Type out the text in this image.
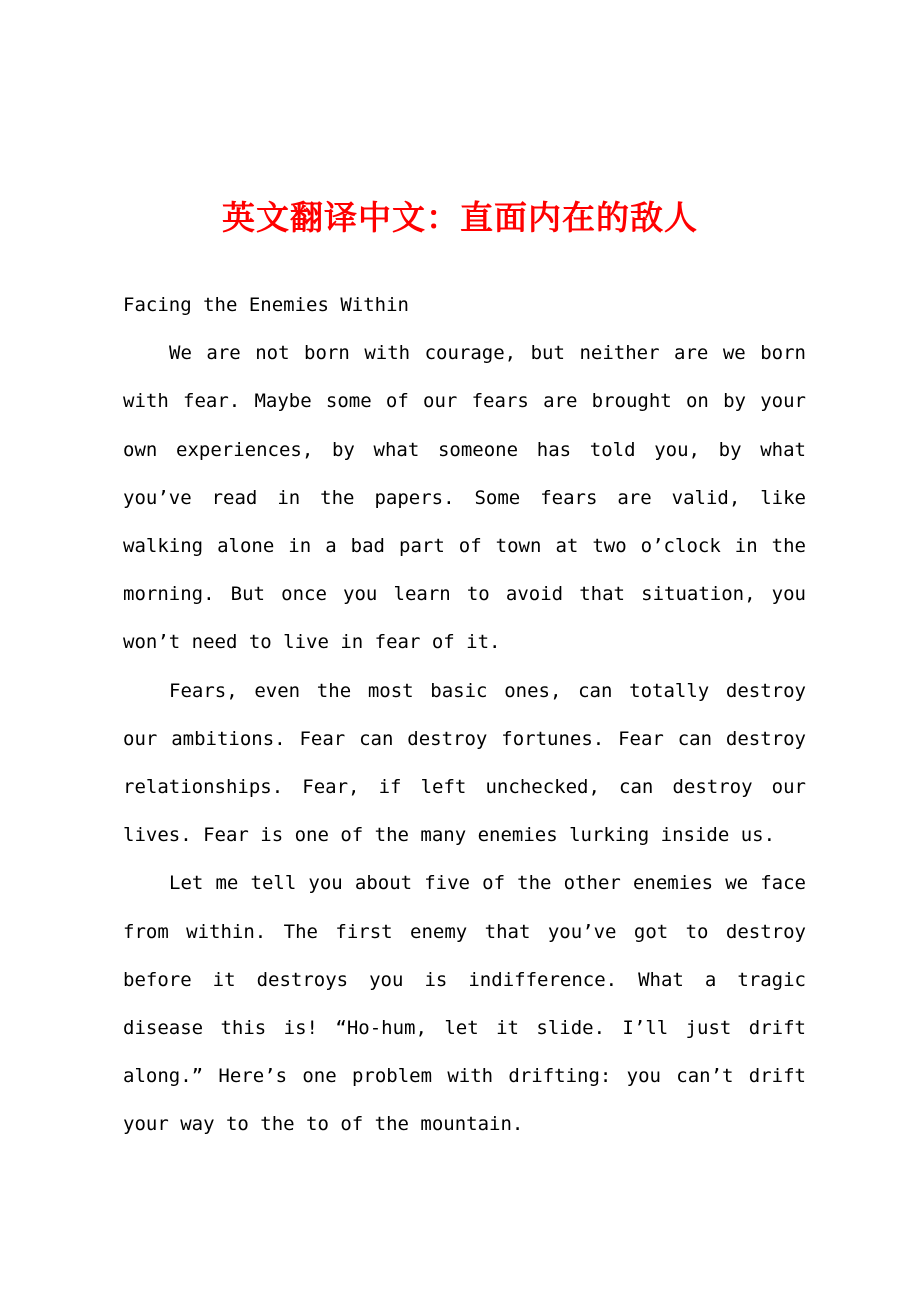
英文翻译中文：直面内在的敌人

Facing the Enemies Within

We are not born with courage, but neither are we born with fear. Maybe some of our fears are brought on by your own experiences, by what someone has told you, by what you’ve read in the papers. Some fears are valid, like walking alone in a bad part of town at two o’clock in the morning. But once you learn to avoid that situation, you won’t need to live in fear of it.

Fears, even the most basic ones, can totally destroy our ambitions. Fear can destroy fortunes. Fear can destroy relationships. Fear, if left unchecked, can destroy our lives. Fear is one of the many enemies lurking inside us.

Let me tell you about five of the other enemies we face from within. The first enemy that you’ve got to destroy before it destroys you is indifference. What a tragic disease this is! “Ho-hum, let it slide. I’ll just drift along.” Here’s one problem with drifting: you can’t drift your way to the to of the mountain.
